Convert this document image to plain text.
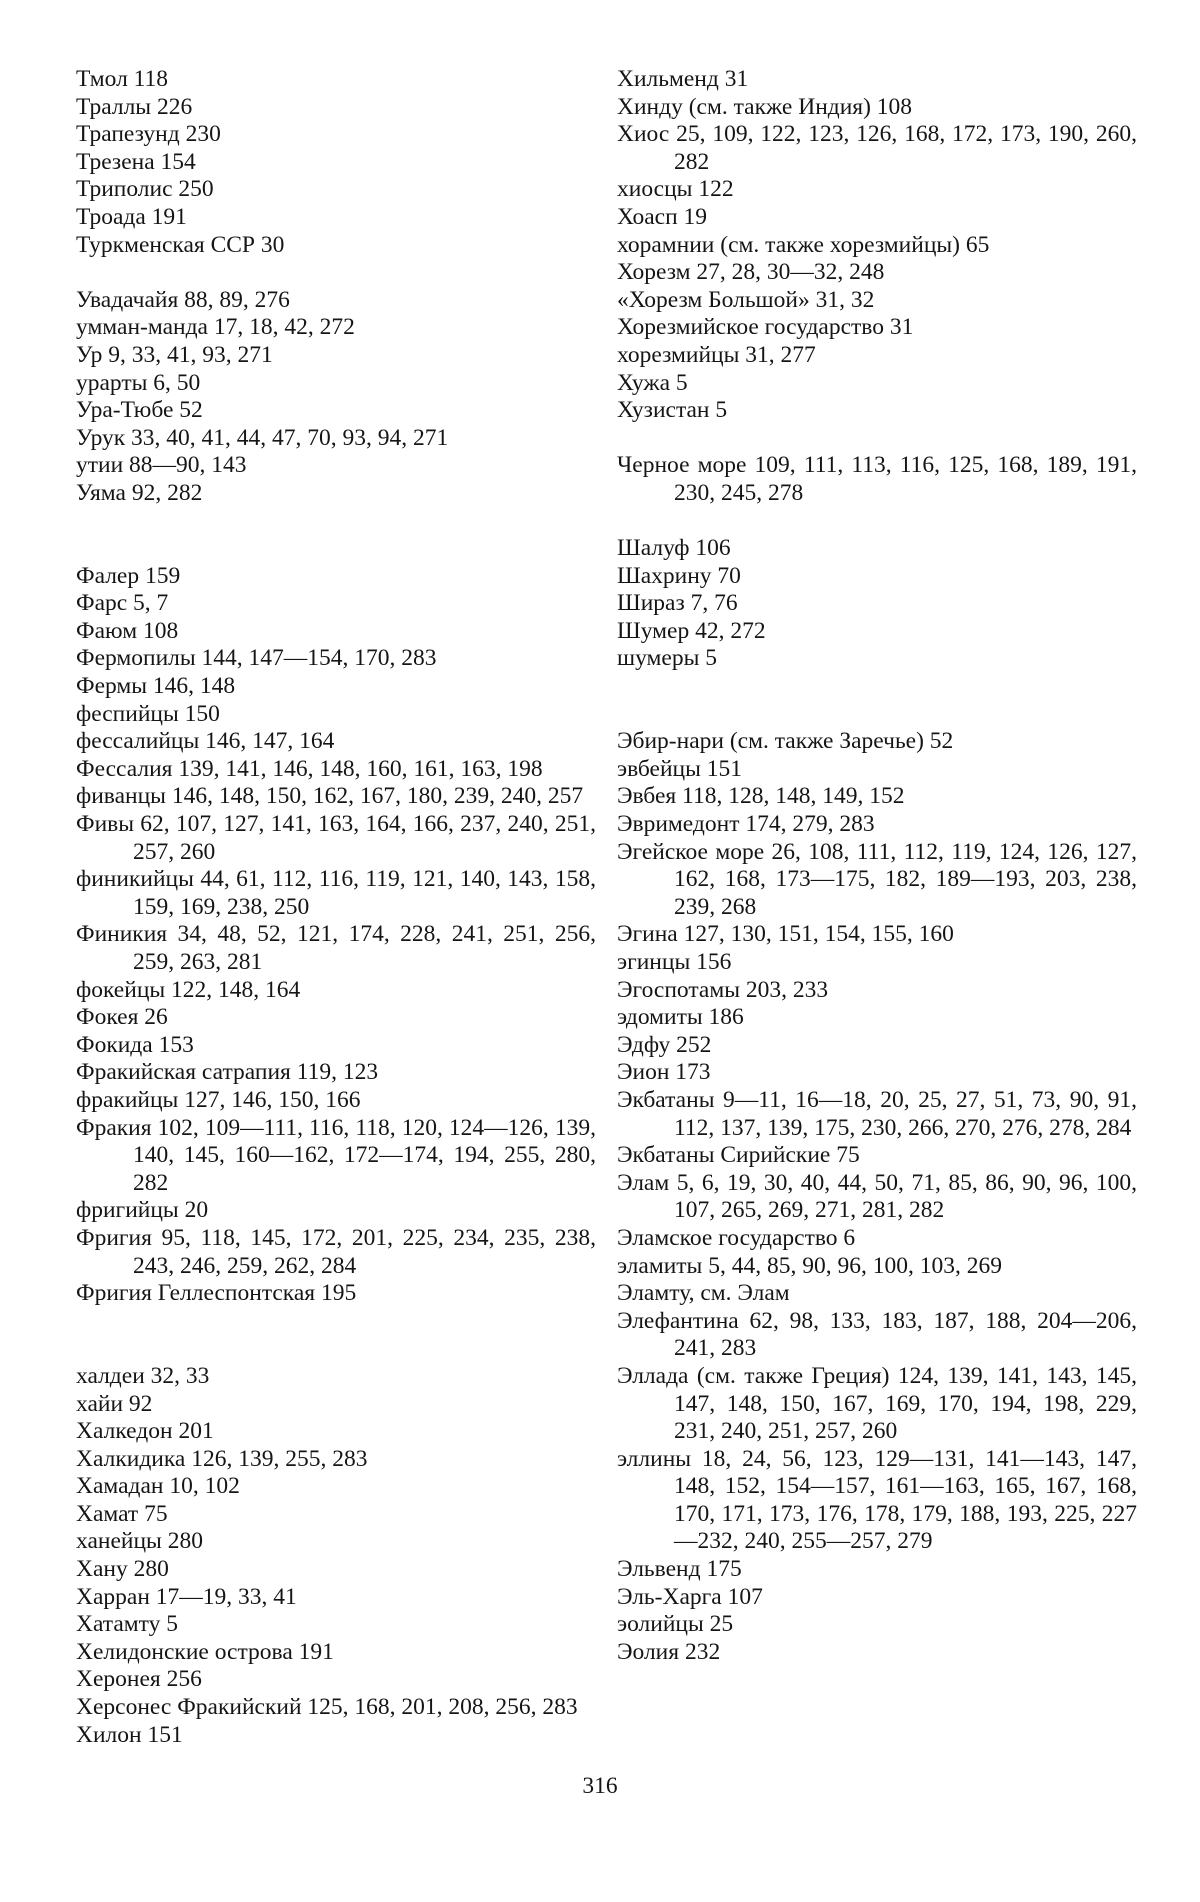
Тмол 118

Траллы 226

Трапезунд 230

Трезена 154

Триполис 250

Троада 191

Туркменская ССР 30

Увадачайя 88, 89, 276

умман-манда 17, 18, 42, 272

Ур 9, 33, 41, 93, 271

урарты 6, 50

Ура-Тюбе 52

Урук 33, 40, 41, 44, 47, 70, 93, 94, 271

утии 88—90, 143

Уяма 92, 282

Фалер 159

Фарс 5, 7

Фаюм 108

Фермопилы 144, 147—154, 170, 283

Фермы 146, 148

феспийцы 150

фессалийцы 146, 147, 164

Фессалия 139, 141, 146, 148, 160, 161, 163, 198

фиванцы 146, 148, 150, 162, 167, 180, 239, 240, 257

Фивы 62, 107, 127, 141, 163, 164, 166, 237, 240, 251, 257, 260

финикийцы 44, 61, 112, 116, 119, 121, 140, 143, 158, 159, 169, 238, 250

Финикия 34, 48, 52, 121, 174, 228, 241, 251, 256, 259, 263, 281

фокейцы 122, 148, 164

Фокея 26

Фокида 153

Фракийская сатрапия 119, 123

фракийцы 127, 146, 150, 166

Фракия 102, 109—111, 116, 118, 120, 124—126, 139, 140, 145, 160—162, 172—174, 194, 255, 280, 282

фригийцы 20

Фригия 95, 118, 145, 172, 201, 225, 234, 235, 238, 243, 246, 259, 262, 284

Фригия Геллеспонтская 195

халдеи 32, 33

хайи 92

Халкедон 201

Халкидика 126, 139, 255, 283

Хамадан 10, 102

Хамат 75

ханейцы 280

Хану 280

Харран 17—19, 33, 41

Хатамту 5

Хелидонские острова 191

Херонея 256

Херсонес Фракийский 125, 168, 201, 208, 256, 283

Хилон 151

Хильменд 31

Хинду (см. также Индия) 108

Хиос 25, 109, 122, 123, 126, 168, 172, 173, 190, 260, 282

хиосцы 122

Хоасп 19

хорамнии (см. также хорезмийцы) 65

Хорезм 27, 28, 30—32, 248

«Хорезм Большой» 31, 32

Хорезмийское государство 31

хорезмийцы 31, 277

Хужа 5

Хузистан 5

Черное море 109, 111, 113, 116, 125, 168, 189, 191, 230, 245, 278

Шалуф 106

Шахрину 70

Шираз 7, 76

Шумер 42, 272

шумеры 5

Эбир-нари (см. также Заречье) 52

эвбейцы 151

Эвбея 118, 128, 148, 149, 152

Эвримедонт 174, 279, 283

Эгейское море 26, 108, 111, 112, 119, 124, 126, 127, 162, 168, 173—175, 182, 189—193, 203, 238, 239, 268

Эгина 127, 130, 151, 154, 155, 160

эгинцы 156

Эгоспотамы 203, 233

эдомиты 186

Эдфу 252

Эион 173

Экбатаны 9—11, 16—18, 20, 25, 27, 51, 73, 90, 91, 112, 137, 139, 175, 230, 266, 270, 276, 278, 284

Экбатаны Сирийские 75

Элам 5, 6, 19, 30, 40, 44, 50, 71, 85, 86, 90, 96, 100, 107, 265, 269, 271, 281, 282

Эламское государство 6

эламиты 5, 44, 85, 90, 96, 100, 103, 269

Эламту, см. Элам

Элефантина 62, 98, 133, 183, 187, 188, 204—206, 241, 283

Эллада (см. также Греция) 124, 139, 141, 143, 145, 147, 148, 150, 167, 169, 170, 194, 198, 229, 231, 240, 251, 257, 260

эллины 18, 24, 56, 123, 129—131, 141—143, 147, 148, 152, 154—157, 161—163, 165, 167, 168, 170, 171, 173, 176, 178, 179, 188, 193, 225, 227—232, 240, 255—257, 279

Эльвенд 175

Эль-Харга 107

эолийцы 25

Эолия 232

316
